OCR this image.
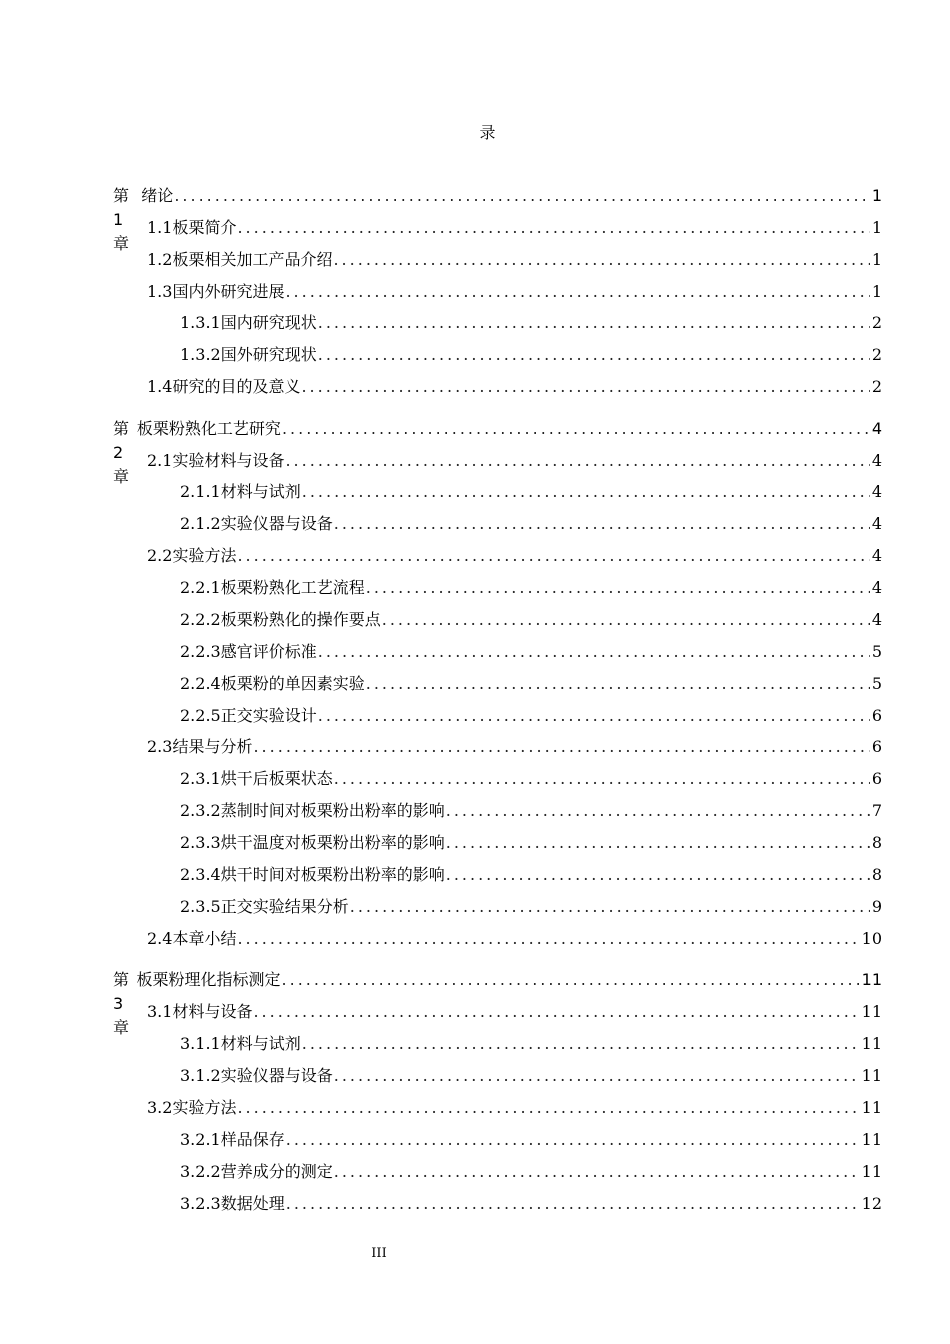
录
第 1 章
绪论 .....	1
1.1 板栗简介 .....	1
1.2 板栗相关加工产品介绍 .....	1
1.3 国内外研究进展 .....	1
1.3.1 国内研究现状 .....	2
1.3.2 国外研究现状 .....	2
1.4 研究的目的及意义 .....	2
第 2 章
板栗粉熟化工艺研究 .....	4
2.1 实验材料与设备 .....	4
2.1.1 材料与试剂 .....	4
2.1.2 实验仪器与设备 .....	4
2.2 实验方法 .....	4
2.2.1 板栗粉熟化工艺流程 .....	4
2.2.2 板栗粉熟化的操作要点 .....	4
2.2.3 感官评价标准 .....	5
2.2.4 板栗粉的单因素实验 .....	5
2.2.5 正交实验设计 .....	6
2.3 结果与分析 .....	6
2.3.1 烘干后板栗状态 .....	6
2.3.2 蒸制时间对板栗粉出粉率的影响 .....	7
2.3.3 烘干温度对板栗粉出粉率的影响 .....	8
2.3.4 烘干时间对板栗粉出粉率的影响 .....	8
2.3.5 正交实验结果分析 .....	9
2.4 本章小结 .....	10
第 3 章
板栗粉理化指标测定 .....	11
3.1 材料与设备 .....	11
3.1.1 材料与试剂 .....	11
3.1.2 实验仪器与设备 .....	11
3.2 实验方法 .....	11
3.2.1 样品保存 .....	11
3.2.2 营养成分的测定 .....	11
3.2.3 数据处理 .....	12
III
